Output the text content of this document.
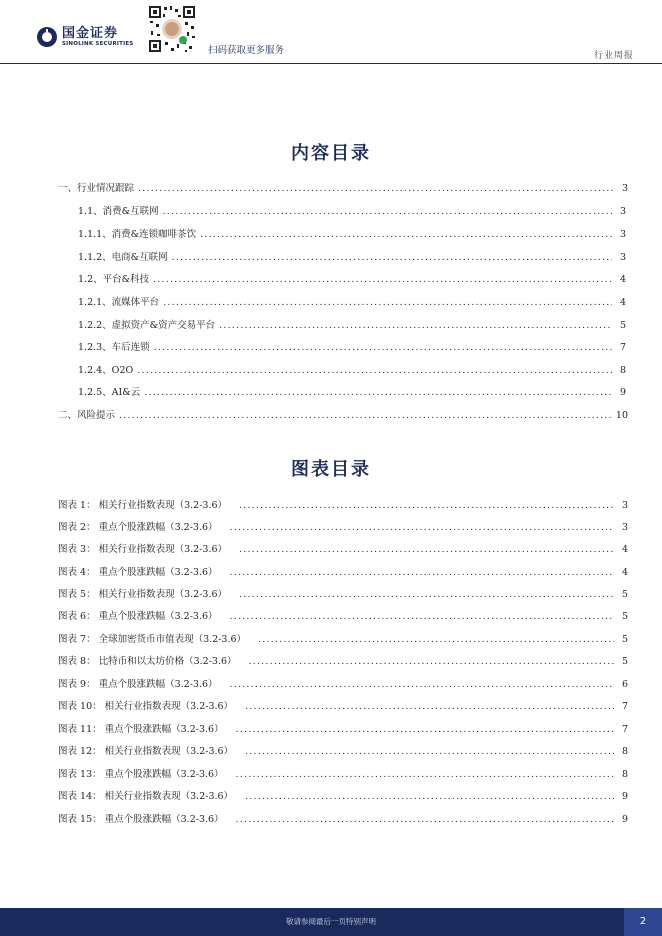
国金证券
SINOLINK SECURITIES
扫码获取更多服务	行业周报
内容目录
一、行业情况跟踪 .....	3
1.1、消费&互联网 .....	3
1.1.1、消费&连锁咖啡茶饮 .....	3
1.1.2、电商&互联网 .....	3
1.2、平台&科技 .....	4
1.2.1、流媒体平台 .....	4
1.2.2、虚拟资产&资产交易平台 .....	5
1.2.3、车后连锁 .....	7
1.2.4、O2O .....	8
1.2.5、AI&云 .....	9
二、风险提示 .....	10
图表目录
图表 1： 相关行业指数表现（3.2-3.6） .....	3
图表 2： 重点个股涨跌幅（3.2-3.6） .....	3
图表 3： 相关行业指数表现（3.2-3.6） .....	4
图表 4： 重点个股涨跌幅（3.2-3.6） .....	4
图表 5： 相关行业指数表现（3.2-3.6） .....	5
图表 6： 重点个股涨跌幅（3.2-3.6） .....	5
图表 7： 全球加密货币市值表现（3.2-3.6） .....	5
图表 8： 比特币和以太坊价格（3.2-3.6） .....	5
图表 9： 重点个股涨跌幅（3.2-3.6） .....	6
图表 10： 相关行业指数表现（3.2-3.6） .....	7
图表 11： 重点个股涨跌幅（3.2-3.6） .....	7
图表 12： 相关行业指数表现（3.2-3.6） .....	8
图表 13： 重点个股涨跌幅（3.2-3.6） .....	8
图表 14： 相关行业指数表现（3.2-3.6） .....	9
图表 15： 重点个股涨跌幅（3.2-3.6） .....	9
敬请参阅最后一页特别声明	2
